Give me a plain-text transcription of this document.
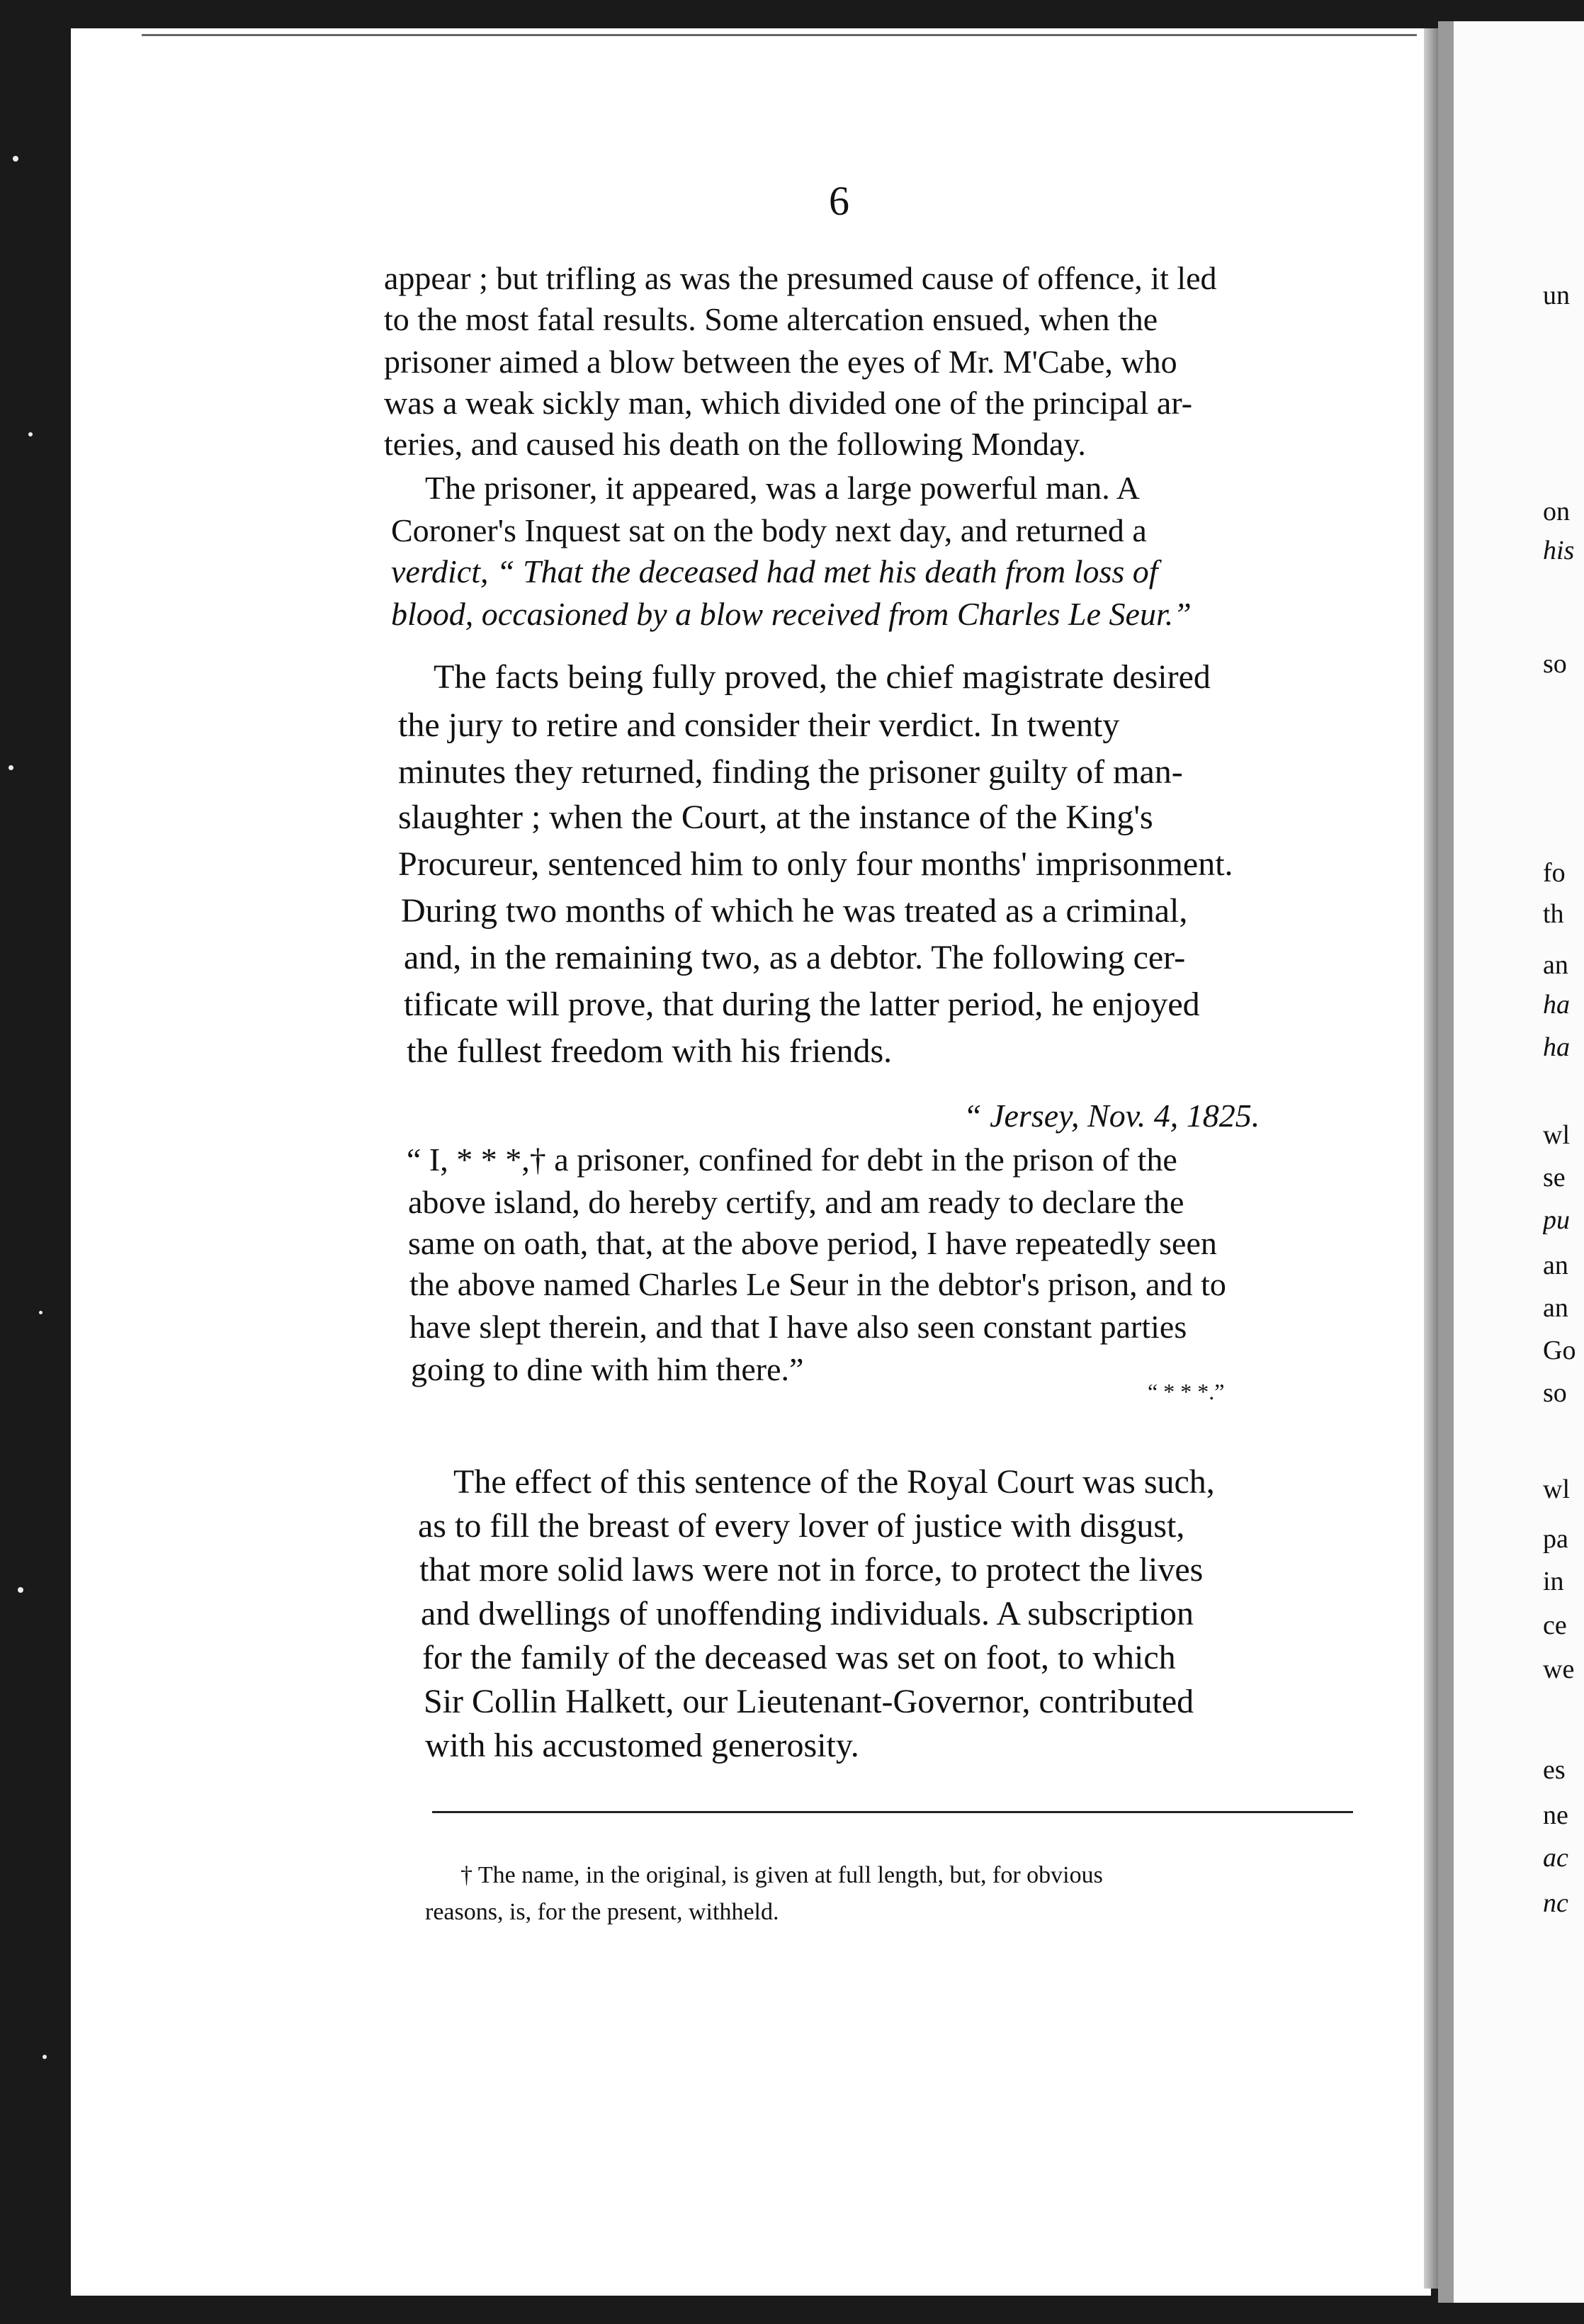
6
appear ; but trifling as was the presumed cause of offence, it led
to the most fatal results. Some altercation ensued, when the
prisoner aimed a blow between the eyes of Mr. M'Cabe, who
was a weak sickly man, which divided one of the principal ar-
teries, and caused his death on the following Monday.
The prisoner, it appeared, was a large powerful man. A
Coroner's Inquest sat on the body next day, and returned a
verdict, “ That the deceased had met his death from loss of
blood, occasioned by a blow received from Charles Le Seur.”
The facts being fully proved, the chief magistrate desired
the jury to retire and consider their verdict. In twenty
minutes they returned, finding the prisoner guilty of man-
slaughter ; when the Court, at the instance of the King's
Procureur, sentenced him to only four months' imprisonment.
During two months of which he was treated as a criminal,
and, in the remaining two, as a debtor. The following cer-
tificate will prove, that during the latter period, he enjoyed
the fullest freedom with his friends.
“ Jersey, Nov. 4, 1825.
“ I, * * *,† a prisoner, confined for debt in the prison of the
above island, do hereby certify, and am ready to declare the
same on oath, that, at the above period, I have repeatedly seen
the above named Charles Le Seur in the debtor's prison, and to
have slept therein, and that I have also seen constant parties
going to dine with him there.”
“ * * *.”
The effect of this sentence of the Royal Court was such,
as to fill the breast of every lover of justice with disgust,
that more solid laws were not in force, to protect the lives
and dwellings of unoffending individuals. A subscription
for the family of the deceased was set on foot, to which
Sir Collin Halkett, our Lieutenant-Governor, contributed
with his accustomed generosity.
† The name, in the original, is given at full length, but, for obvious
reasons, is, for the present, withheld.
un
on
his
so
fo
th
an
ha
ha
wl
se
pu
an
an
Go
so
wl
pa
in
ce
we
es
ne
ac
nc
